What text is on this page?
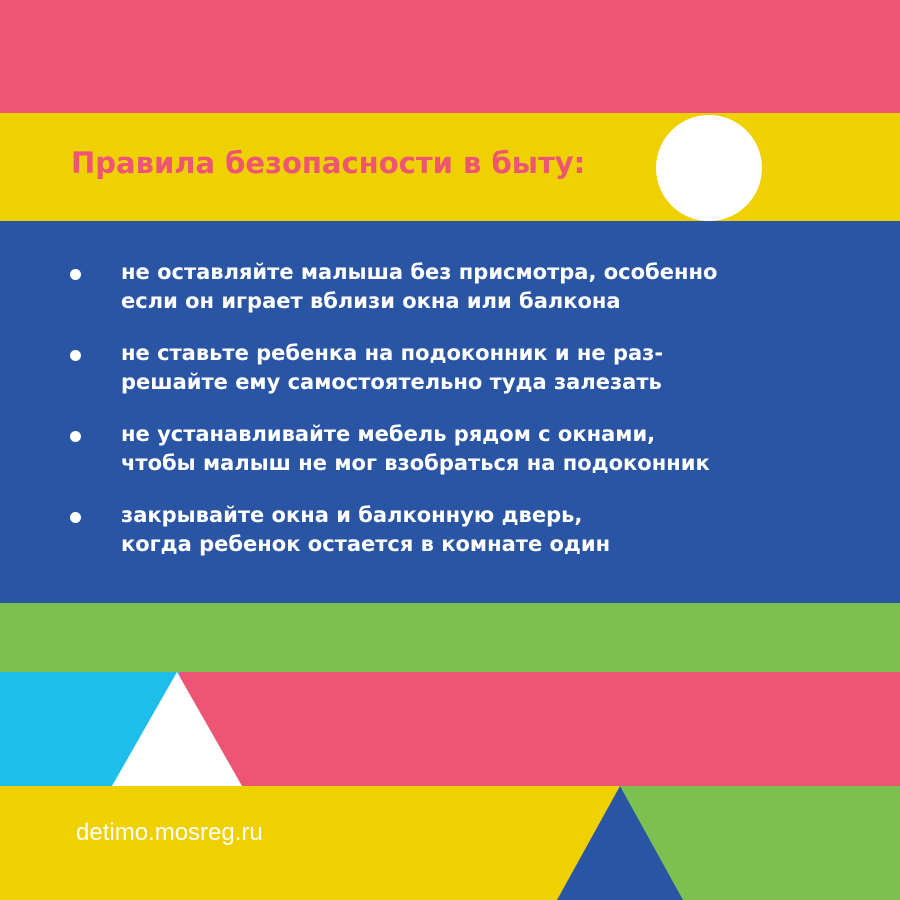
Правила безопасности в быту:
не оставляйте малыша без присмотра, особенно
если он играет вблизи окна или балкона
не ставьте ребенка на подоконник и не раз-
решайте ему самостоятельно туда залезать
не устанавливайте мебель рядом с окнами,
чтобы малыш не мог взобраться на подоконник
закрывайте окна и балконную дверь,
когда ребенок остается в комнате один
detimo.mosreg.ru
